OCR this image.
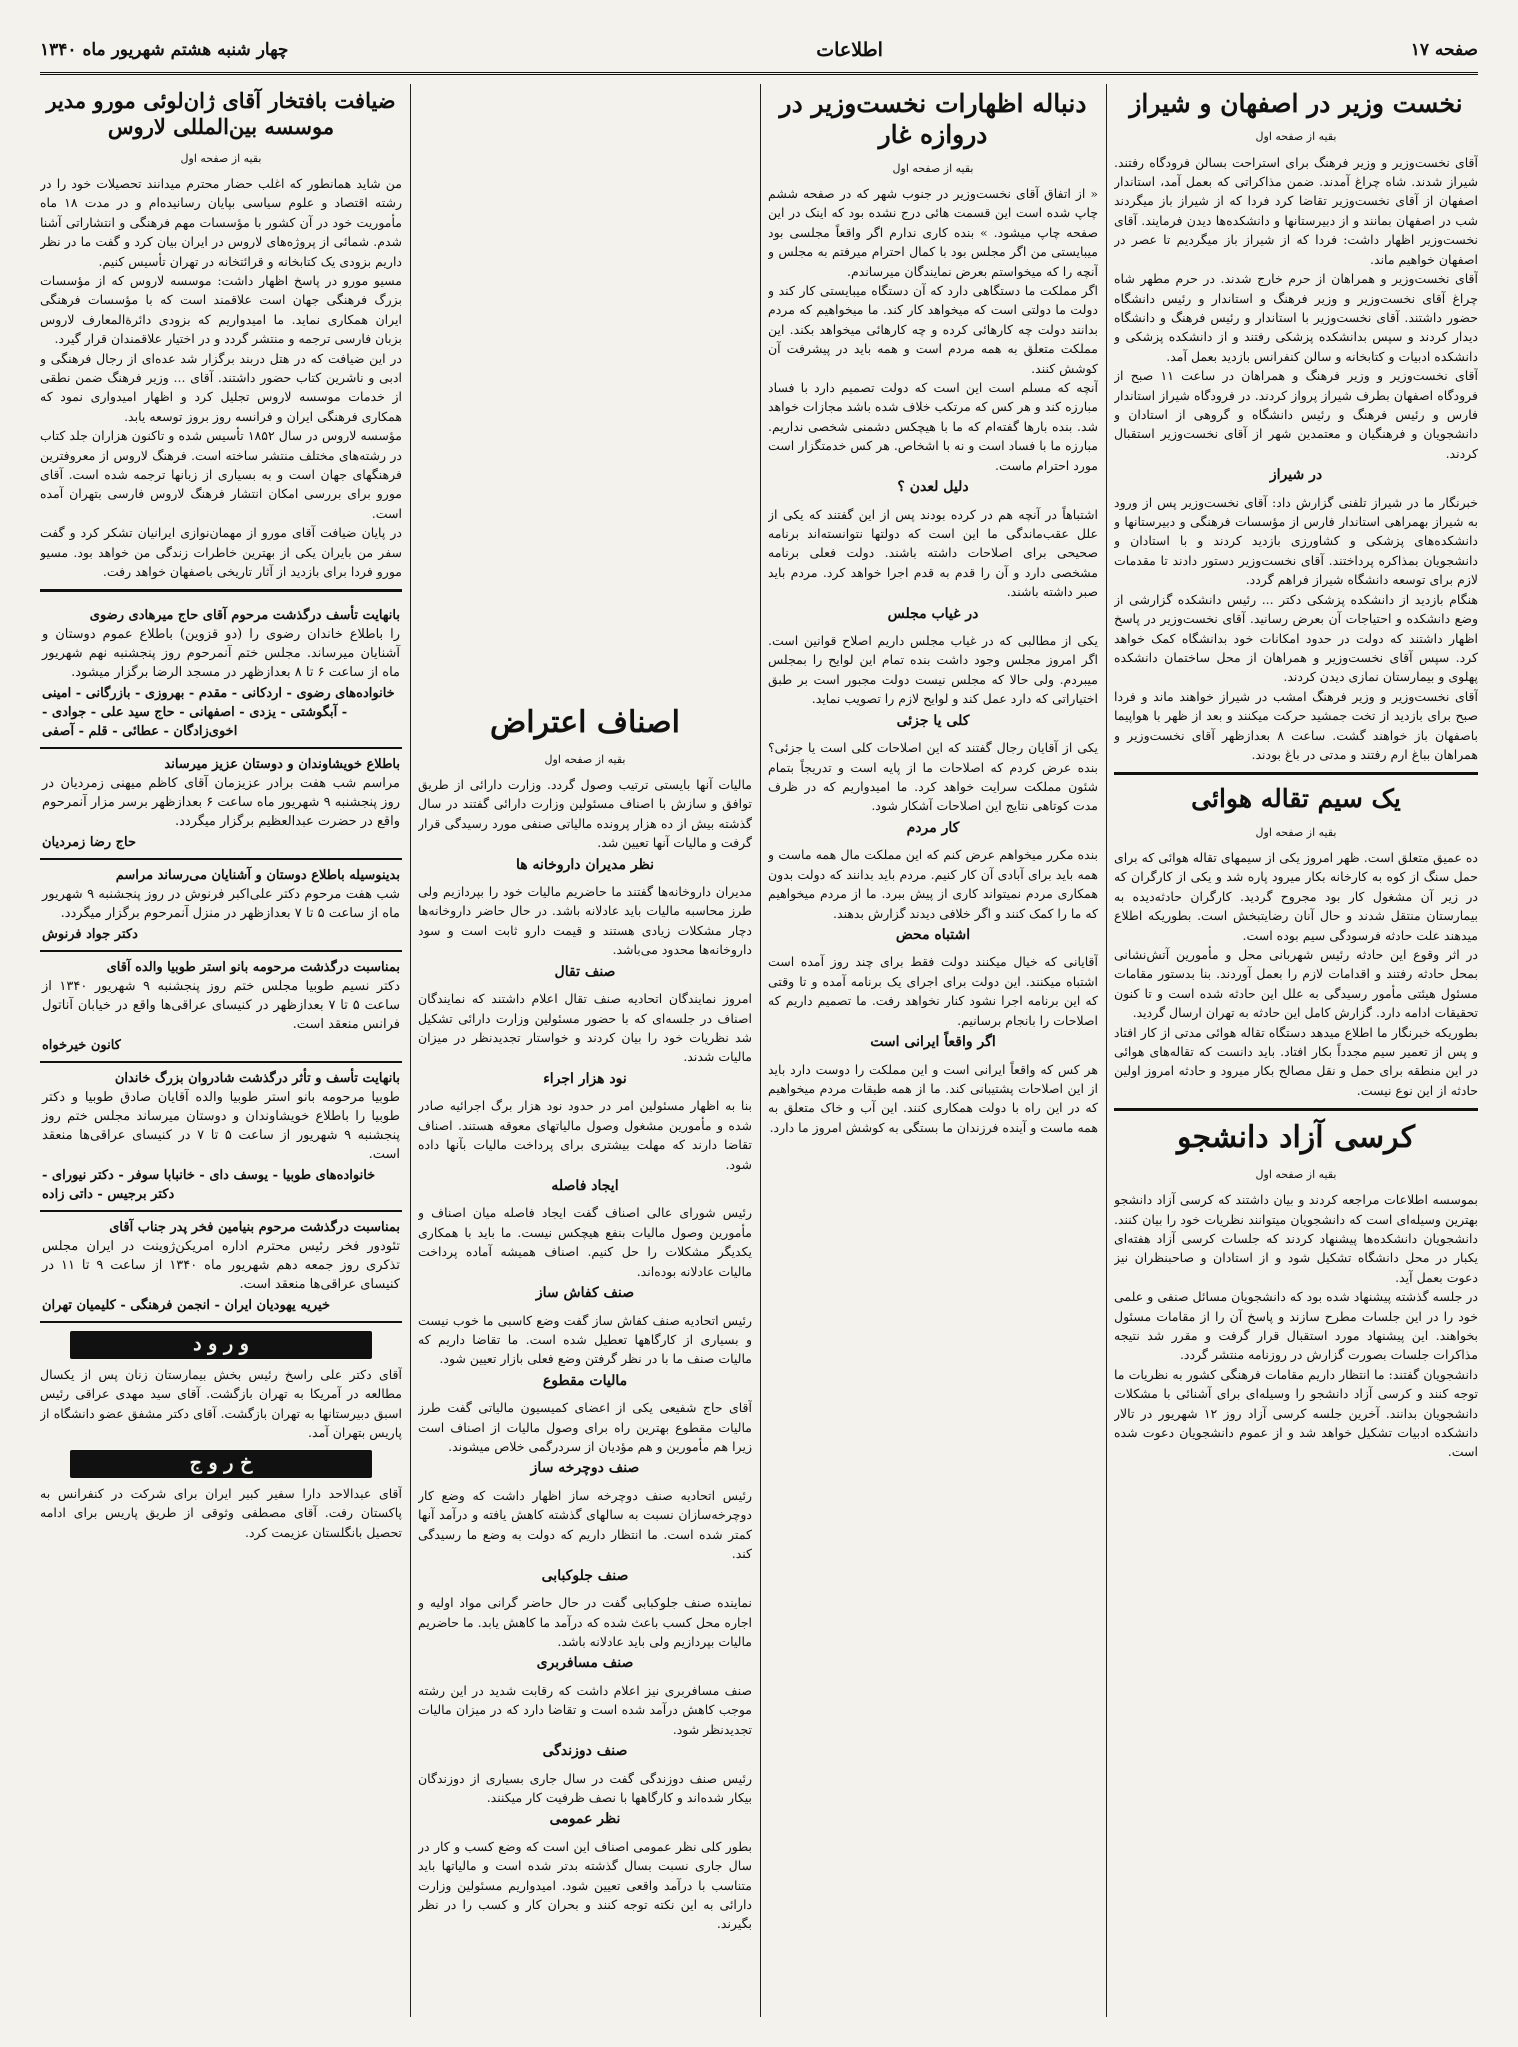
صفحه ۱۷
اطلاعات
چهار شنبه هشتم شهریور ماه ۱۳۴۰
نخست وزیر در اصفهان و شیراز
بقیه از صفحه اول

آقای نخست‌وزیر و وزیر فرهنگ برای استراحت بسالن فرودگاه رفتند. شیراز شدند. شاه چراغ آمدند. ضمن مذاکراتی که بعمل آمد، استاندار اصفهان از آقای نخست‌وزیر تقاضا کرد فردا که از شیراز باز میگردند شب در اصفهان بمانند و از دبیرستانها و دانشکده‌ها دیدن فرمایند. آقای نخست‌وزیر اظهار داشت: فردا که از شیراز باز میگردیم تا عصر در اصفهان خواهیم ماند.

آقای نخست‌وزیر و همراهان از حرم خارج شدند. در حرم مطهر شاه چراغ آقای نخست‌وزیر و وزیر فرهنگ و استاندار و رئیس دانشگاه حضور داشتند. آقای نخست‌وزیر با استاندار و رئیس فرهنگ و دانشگاه دیدار کردند و سپس بدانشکده پزشکی رفتند و از دانشکده پزشکی و دانشکده ادبیات و کتابخانه و سالن کنفرانس بازدید بعمل آمد.

آقای نخست‌وزیر و وزیر فرهنگ و همراهان در ساعت ۱۱ صبح از فرودگاه اصفهان بطرف شیراز پرواز کردند. در فرودگاه شیراز استاندار فارس و رئیس فرهنگ و رئیس دانشگاه و گروهی از استادان و دانشجویان و فرهنگیان و معتمدین شهر از آقای نخست‌وزیر استقبال کردند.

در شیراز

خبرنگار ما در شیراز تلفنی گزارش داد: آقای نخست‌وزیر پس از ورود به شیراز بهمراهی استاندار فارس از مؤسسات فرهنگی و دبیرستانها و دانشکده‌های پزشکی و کشاورزی بازدید کردند و با استادان و دانشجویان بمذاکره پرداختند. آقای نخست‌وزیر دستور دادند تا مقدمات لازم برای توسعه دانشگاه شیراز فراهم گردد.

هنگام بازدید از دانشکده پزشکی دکتر ... رئیس دانشکده گزارشی از وضع دانشکده و احتیاجات آن بعرض رسانید. آقای نخست‌وزیر در پاسخ اظهار داشتند که دولت در حدود امکانات خود بدانشگاه کمک خواهد کرد. سپس آقای نخست‌وزیر و همراهان از محل ساختمان دانشکده پهلوی و بیمارستان نمازی دیدن کردند.

آقای نخست‌وزیر و وزیر فرهنگ امشب در شیراز خواهند ماند و فردا صبح برای بازدید از تخت جمشید حرکت میکنند و بعد از ظهر با هواپیما باصفهان باز خواهند گشت. ساعت ۸ بعدازظهر آقای نخست‌وزیر و همراهان بباغ ارم رفتند و مدتی در باغ بودند.

یک سیم تقاله هوائی
بقیه از صفحه اول

ده عمیق متعلق است. ظهر امروز یکی از سیمهای تقاله هوائی که برای حمل سنگ از کوه به کارخانه بکار میرود پاره شد و یکی از کارگران که در زیر آن مشغول کار بود مجروح گردید. کارگران حادثه‌دیده به بیمارستان منتقل شدند و حال آنان رضایتبخش است. بطوریکه اطلاع میدهند علت حادثه فرسودگی سیم بوده است.

در اثر وقوع این حادثه رئیس شهربانی محل و مأمورین آتش‌نشانی بمحل حادثه رفتند و اقدامات لازم را بعمل آوردند. بنا بدستور مقامات مسئول هیئتی مأمور رسیدگی به علل این حادثه شده است و تا کنون تحقیقات ادامه دارد. گزارش کامل این حادثه به تهران ارسال گردید.

بطوریکه خبرنگار ما اطلاع میدهد دستگاه تقاله هوائی مدتی از کار افتاد و پس از تعمیر سیم مجدداً بکار افتاد. باید دانست که تقاله‌های هوائی در این منطقه برای حمل و نقل مصالح بکار میرود و حادثه امروز اولین حادثه از این نوع نیست.

کرسی آزاد دانشجو
بقیه از صفحه اول

بموسسه اطلاعات مراجعه کردند و بیان داشتند که کرسی آزاد دانشجو بهترین وسیله‌ای است که دانشجویان میتوانند نظریات خود را بیان کنند. دانشجویان دانشکده‌ها پیشنهاد کردند که جلسات کرسی آزاد هفته‌ای یکبار در محل دانشگاه تشکیل شود و از استادان و صاحبنظران نیز دعوت بعمل آید.

در جلسه گذشته پیشنهاد شده بود که دانشجویان مسائل صنفی و علمی خود را در این جلسات مطرح سازند و پاسخ آن را از مقامات مسئول بخواهند. این پیشنهاد مورد استقبال قرار گرفت و مقرر شد نتیجه مذاکرات جلسات بصورت گزارش در روزنامه منتشر گردد.

دانشجویان گفتند: ما انتظار داریم مقامات فرهنگی کشور به نظریات ما توجه کنند و کرسی آزاد دانشجو را وسیله‌ای برای آشنائی با مشکلات دانشجویان بدانند. آخرین جلسه کرسی آزاد روز ۱۲ شهریور در تالار دانشکده ادبیات تشکیل خواهد شد و از عموم دانشجویان دعوت شده است.

دنباله اظهارات نخست‌وزیر در دروازه غار
بقیه از صفحه اول

« از اتفاق آقای نخست‌وزیر در جنوب شهر که در صفحه ششم چاپ شده است این قسمت هائی درج نشده بود که اینک در این صفحه چاپ میشود. » بنده کاری ندارم اگر واقعاً مجلسی بود میبایستی من اگر مجلس بود با کمال احترام میرفتم به مجلس و آنچه را که میخواستم بعرض نمایندگان میرساندم.

اگر مملکت ما دستگاهی دارد که آن دستگاه میبایستی کار کند و دولت ما دولتی است که میخواهد کار کند. ما میخواهیم که مردم بدانند دولت چه کارهائی کرده و چه کارهائی میخواهد بکند. این مملکت متعلق به همه مردم است و همه باید در پیشرفت آن کوشش کنند.

آنچه که مسلم است این است که دولت تصمیم دارد با فساد مبارزه کند و هر کس که مرتکب خلاف شده باشد مجازات خواهد شد. بنده بارها گفته‌ام که ما با هیچکس دشمنی شخصی نداریم. مبارزه ما با فساد است و نه با اشخاص. هر کس خدمتگزار است مورد احترام ماست.

دلیل لعدن ؟

اشتباهاً در آنچه هم در کرده بودند پس از این گفتند که یکی از علل عقب‌ماندگی ما این است که دولتها نتوانسته‌اند برنامه صحیحی برای اصلاحات داشته باشند. دولت فعلی برنامه مشخصی دارد و آن را قدم به قدم اجرا خواهد کرد. مردم باید صبر داشته باشند.

در غیاب مجلس

یکی از مطالبی که در غیاب مجلس داریم اصلاح قوانین است. اگر امروز مجلس وجود داشت بنده تمام این لوایح را بمجلس میبردم. ولی حالا که مجلس نیست دولت مجبور است بر طبق اختیاراتی که دارد عمل کند و لوایح لازم را تصویب نماید.

کلی یا جزئی

یکی از آقایان رجال گفتند که این اصلاحات کلی است یا جزئی؟ بنده عرض کردم که اصلاحات ما از پایه است و تدریجاً بتمام شئون مملکت سرایت خواهد کرد. ما امیدواریم که در ظرف مدت کوتاهی نتایج این اصلاحات آشکار شود.

کار مردم

بنده مکرر میخواهم عرض کنم که این مملکت مال همه ماست و همه باید برای آبادی آن کار کنیم. مردم باید بدانند که دولت بدون همکاری مردم نمیتواند کاری از پیش ببرد. ما از مردم میخواهیم که ما را کمک کنند و اگر خلافی دیدند گزارش بدهند.

اشتباه محض

آقایانی که خیال میکنند دولت فقط برای چند روز آمده است اشتباه میکنند. این دولت برای اجرای یک برنامه آمده و تا وقتی که این برنامه اجرا نشود کنار نخواهد رفت. ما تصمیم داریم که اصلاحات را بانجام برسانیم.

اگر واقعاً ایرانی است

هر کس که واقعاً ایرانی است و این مملکت را دوست دارد باید از این اصلاحات پشتیبانی کند. ما از همه طبقات مردم میخواهیم که در این راه با دولت همکاری کنند. این آب و خاک متعلق به همه ماست و آینده فرزندان ما بستگی به کوشش امروز ما دارد.

ضیافت بافتخار آقای ژان‌لوئی مورو مدیر موسسه بین‌المللی لاروس
بقیه از صفحه اول

من شاید همانطور که اغلب حضار محترم میدانند تحصیلات خود را در رشته اقتصاد و علوم سیاسی بپایان رسانیده‌ام و در مدت ۱۸ ماه مأموریت خود در آن کشور با مؤسسات مهم فرهنگی و انتشاراتی آشنا شدم. شمائی از پروژه‌های لاروس در ایران بیان کرد و گفت ما در نظر داریم بزودی یک کتابخانه و قرائتخانه در تهران تأسیس کنیم.

مسیو مورو در پاسخ اظهار داشت: موسسه لاروس که از مؤسسات بزرگ فرهنگی جهان است علاقمند است که با مؤسسات فرهنگی ایران همکاری نماید. ما امیدواریم که بزودی دائرةالمعارف لاروس بزبان فارسی ترجمه و منتشر گردد و در اختیار علاقمندان قرار گیرد.

در این ضیافت که در هتل دربند برگزار شد عده‌ای از رجال فرهنگی و ادبی و ناشرین کتاب حضور داشتند. آقای ... وزیر فرهنگ ضمن نطقی از خدمات موسسه لاروس تجلیل کرد و اظهار امیدواری نمود که همکاری فرهنگی ایران و فرانسه روز بروز توسعه یابد.

مؤسسه لاروس در سال ۱۸۵۲ تأسیس شده و تاکنون هزاران جلد کتاب در رشته‌های مختلف منتشر ساخته است. فرهنگ لاروس از معروفترین فرهنگهای جهان است و به بسیاری از زبانها ترجمه شده است. آقای مورو برای بررسی امکان انتشار فرهنگ لاروس فارسی بتهران آمده است.

در پایان ضیافت آقای مورو از مهمان‌نوازی ایرانیان تشکر کرد و گفت سفر من بایران یکی از بهترین خاطرات زندگی من خواهد بود. مسیو مورو فردا برای بازدید از آثار تاریخی باصفهان خواهد رفت.

بانهایت تأسف درگذشت مرحوم آقای حاج میرهادی رضوی

را باطلاع خاندان رضوی را (دو قزوین) باطلاع عموم دوستان و آشنایان میرساند. مجلس ختم آنمرحوم روز پنجشنبه نهم شهریور ماه از ساعت ۶ تا ۸ بعدازظهر در مسجد الرضا برگزار میشود.

خانواده‌های رضوی - اردکانی - مقدم - بهروزی - بازرگانی - امینی - آبگوشتی - یزدی - اصفهانی - حاج سید علی - جوادی - اخوی‌زادگان - عطائی - قلم - آصفی

باطلاع خویشاوندان و دوستان عزیز میرساند

مراسم شب هفت برادر عزیزمان آقای کاظم میهنی زمردیان در روز پنجشنبه ۹ شهریور ماه ساعت ۶ بعدازظهر برسر مزار آنمرحوم واقع در حضرت عبدالعظیم برگزار میگردد.

حاج رضا زمردیان

بدینوسیله باطلاع دوستان و آشنایان می‌رساند مراسم

شب هفت مرحوم دکتر علی‌اکبر فرنوش در روز پنجشنبه ۹ شهریور ماه از ساعت ۵ تا ۷ بعدازظهر در منزل آنمرحوم برگزار میگردد.

دکتر جواد فرنوش

بمناسبت درگذشت مرحومه بانو استر طوبیا والده آقای

دکتر نسیم طوبیا مجلس ختم روز پنجشنبه ۹ شهریور ۱۳۴۰ از ساعت ۵ تا ۷ بعدازظهر در کنیسای عراقی‌ها واقع در خیابان آناتول فرانس منعقد است.

کانون خیرخواه

بانهایت تأسف و تأثر درگذشت شادروان بزرگ خاندان

طوبیا مرحومه بانو استر طوبیا والده آقایان صادق طوبیا و دکتر طوبیا را باطلاع خویشاوندان و دوستان میرساند مجلس ختم روز پنجشنبه ۹ شهریور از ساعت ۵ تا ۷ در کنیسای عراقی‌ها منعقد است.

خانواده‌های طوبیا - یوسف دای - خانبابا سوفر - دکتر نیورای - دکتر برجیس - داتی زاده

بمناسبت درگذشت مرحوم بنیامین فخر پدر جناب آقای

تئودور فخر رئیس محترم اداره امریکن‌ژوینت در ایران مجلس تذکری روز جمعه دهم شهریور ماه ۱۳۴۰ از ساعت ۹ تا ۱۱ در کنیسای عراقی‌ها منعقد است.

خیریه یهودیان ایران - انجمن فرهنگی - کلیمیان تهران
و ر و د

آقای دکتر علی راسخ رئیس بخش بیمارستان زنان پس از یکسال مطالعه در آمریکا به تهران بازگشت. آقای سید مهدی عراقی رئیس اسبق دبیرستانها به تهران بازگشت. آقای دکتر مشفق عضو دانشگاه از پاریس بتهران آمد.

خ ر و ج

آقای عبدالاحد دارا سفیر کبیر ایران برای شرکت در کنفرانس به پاکستان رفت. آقای مصطفی وثوقی از طریق پاریس برای ادامه تحصیل بانگلستان عزیمت کرد.

اصناف اعتراض
بقیه از صفحه اول

مالیات آنها بایستی ترتیب وصول گردد. وزارت دارائی از طریق توافق و سازش با اصناف مسئولین وزارت دارائی گفتند در سال گذشته بیش از ده هزار پرونده مالیاتی صنفی مورد رسیدگی قرار گرفت و مالیات آنها تعیین شد.

نظر مدیران داروخانه ها

مدیران داروخانه‌ها گفتند ما حاضریم مالیات خود را بپردازیم ولی طرز محاسبه مالیات باید عادلانه باشد. در حال حاضر داروخانه‌ها دچار مشکلات زیادی هستند و قیمت دارو ثابت است و سود داروخانه‌ها محدود می‌باشد.

صنف تقال

امروز نمایندگان اتحادیه صنف تقال اعلام داشتند که نمایندگان اصناف در جلسه‌ای که با حضور مسئولین وزارت دارائی تشکیل شد نظریات خود را بیان کردند و خواستار تجدیدنظر در میزان مالیات شدند.

نود هزار اجراء

بنا به اظهار مسئولین امر در حدود نود هزار برگ اجرائیه صادر شده و مأمورین مشغول وصول مالیاتهای معوقه هستند. اصناف تقاضا دارند که مهلت بیشتری برای پرداخت مالیات بآنها داده شود.

ایجاد فاصله

رئیس شورای عالی اصناف گفت ایجاد فاصله میان اصناف و مأمورین وصول مالیات بنفع هیچکس نیست. ما باید با همکاری یکدیگر مشکلات را حل کنیم. اصناف همیشه آماده پرداخت مالیات عادلانه بوده‌اند.

صنف کفاش ساز

رئیس اتحادیه صنف کفاش ساز گفت وضع کاسبی ما خوب نیست و بسیاری از کارگاهها تعطیل شده است. ما تقاضا داریم که مالیات صنف ما با در نظر گرفتن وضع فعلی بازار تعیین شود.

مالیات مقطوع

آقای حاج شفیعی یکی از اعضای کمیسیون مالیاتی گفت طرز مالیات مقطوع بهترین راه برای وصول مالیات از اصناف است زیرا هم مأمورین و هم مؤدیان از سردرگمی خلاص میشوند.

صنف دوچرخه ساز

رئیس اتحادیه صنف دوچرخه ساز اظهار داشت که وضع کار دوچرخه‌سازان نسبت به سالهای گذشته کاهش یافته و درآمد آنها کمتر شده است. ما انتظار داریم که دولت به وضع ما رسیدگی کند.

صنف جلوکبابی

نماینده صنف جلوکبابی گفت در حال حاضر گرانی مواد اولیه و اجاره محل کسب باعث شده که درآمد ما کاهش یابد. ما حاضریم مالیات بپردازیم ولی باید عادلانه باشد.

صنف مسافربری

صنف مسافربری نیز اعلام داشت که رقابت شدید در این رشته موجب کاهش درآمد شده است و تقاضا دارد که در میزان مالیات تجدیدنظر شود.

صنف دوزندگی

رئیس صنف دوزندگی گفت در سال جاری بسیاری از دوزندگان بیکار شده‌اند و کارگاهها با نصف ظرفیت کار میکنند.

نظر عمومی

بطور کلی نظر عمومی اصناف این است که وضع کسب و کار در سال جاری نسبت بسال گذشته بدتر شده است و مالیاتها باید متناسب با درآمد واقعی تعیین شود. امیدواریم مسئولین وزارت دارائی به این نکته توجه کنند و بحران کار و کسب را در نظر بگیرند.
